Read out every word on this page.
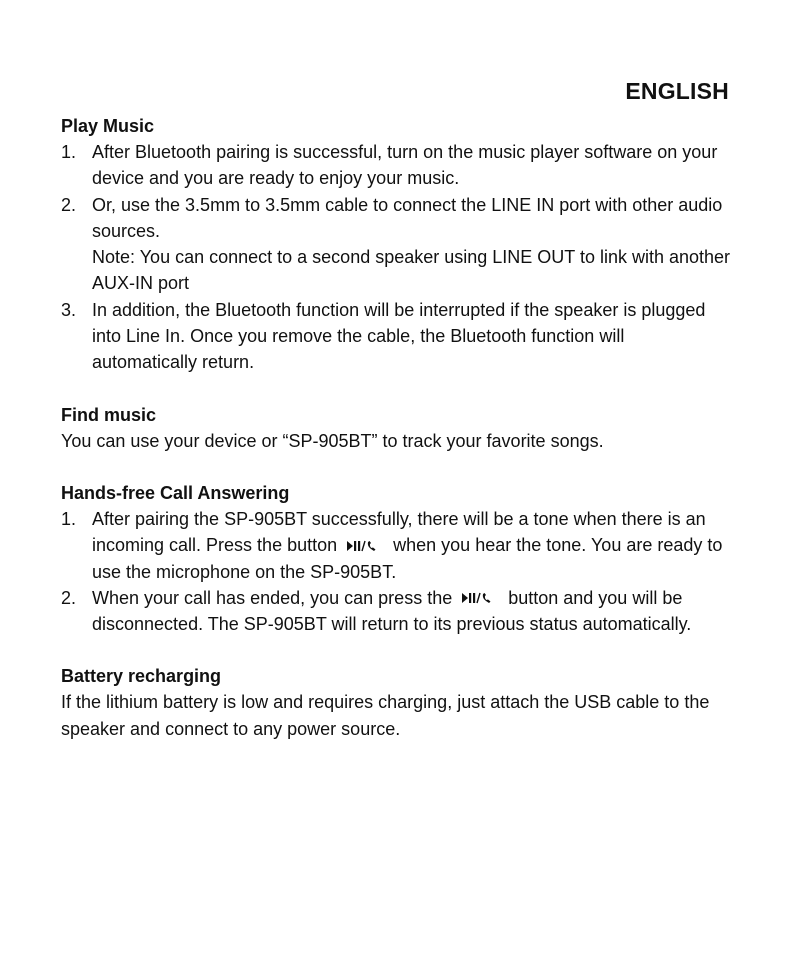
ENGLISH
Play Music
1. After Bluetooth pairing is successful, turn on the music player software on your device and you are ready to enjoy your music.
2. Or, use the 3.5mm to 3.5mm cable to connect the LINE IN port with other audio sources.
Note: You can connect to a second speaker using LINE OUT to link with another AUX-IN port
3. In addition, the Bluetooth function will be interrupted if the speaker is plugged into Line In. Once you remove the cable, the Bluetooth function will automatically return.
Find music

You can use your device or “SP-905BT” to track your favorite songs.

Hands-free Call Answering
1. After pairing the SP-905BT successfully, there will be a tone when there is an incoming call. Press the button	when you hear the tone. You are ready to use the microphone on the SP-905BT.
2. When your call has ended, you can press the	button and you will be disconnected. The SP-905BT will return to its previous status automatically.
Battery recharging

If the lithium battery is low and requires charging, just attach the USB cable to the speaker and connect to any power source.
